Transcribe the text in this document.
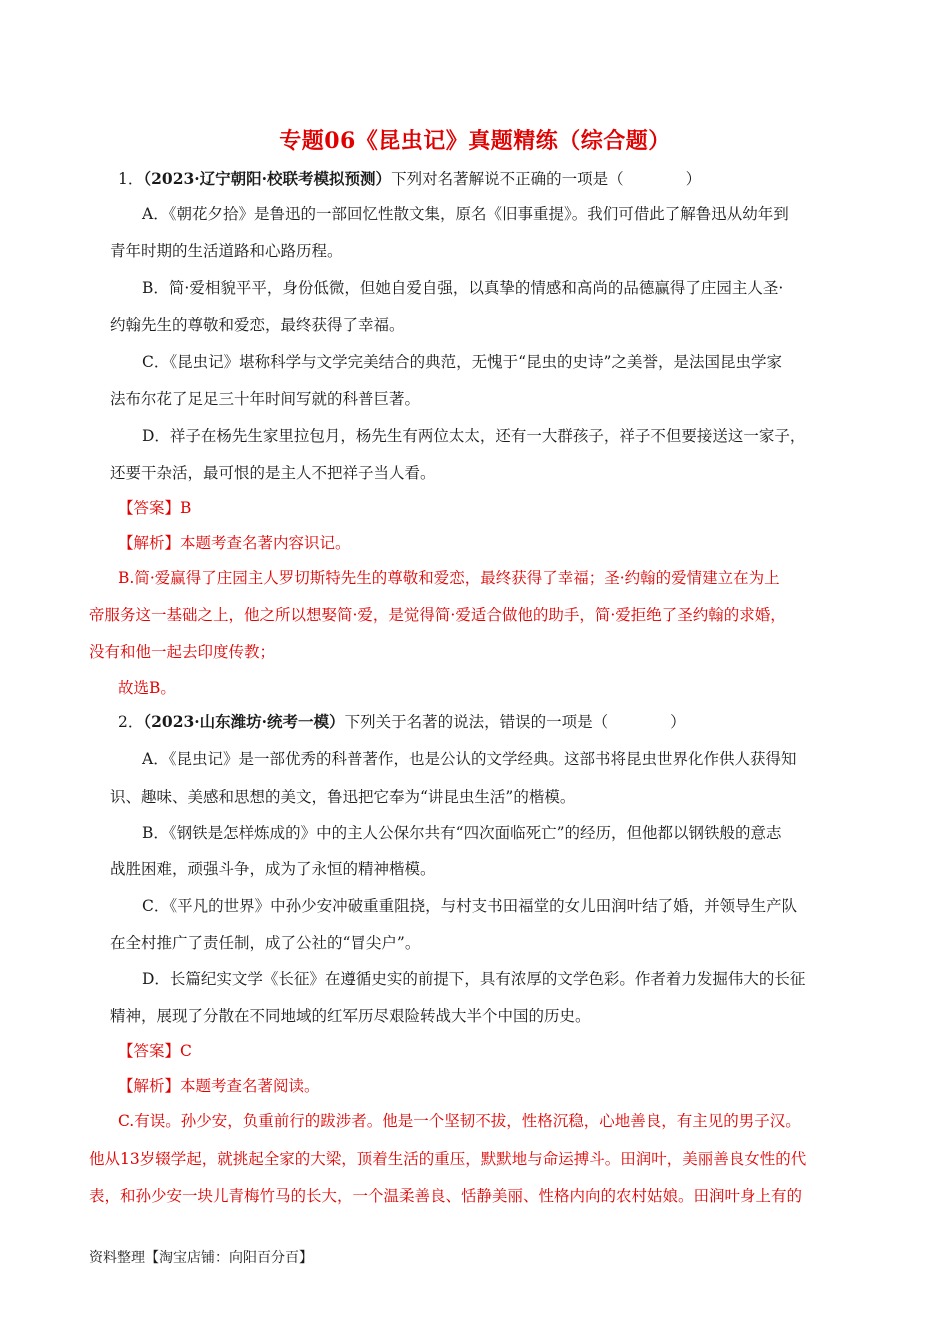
专题06《昆虫记》真题精练（综合题）
1．（2023·辽宁朝阳·校联考模拟预测）下列对名著解说不正确的一项是（　　　　）
A．《朝花夕拾》是鲁迅的一部回忆性散文集，原名《旧事重提》。我们可借此了解鲁迅从幼年到
青年时期的生活道路和心路历程。
B．简·爱相貌平平，身份低微，但她自爱自强，以真挚的情感和高尚的品德赢得了庄园主人圣·
约翰先生的尊敬和爱恋，最终获得了幸福。
C．《昆虫记》堪称科学与文学完美结合的典范，无愧于“昆虫的史诗”之美誉，是法国昆虫学家
法布尔花了足足三十年时间写就的科普巨著。
D．祥子在杨先生家里拉包月，杨先生有两位太太，还有一大群孩子，祥子不但要接送这一家子，
还要干杂活，最可恨的是主人不把祥子当人看。
【答案】B
【解析】本题考查名著内容识记。
B.简·爱赢得了庄园主人罗切斯特先生的尊敬和爱恋，最终获得了幸福；圣·约翰的爱情建立在为上
帝服务这一基础之上，他之所以想娶简·爱，是觉得简·爱适合做他的助手，简·爱拒绝了圣约翰的求婚，
没有和他一起去印度传教；
故选B。
2．（2023·山东潍坊·统考一模）下列关于名著的说法，错误的一项是（　　　　）
A．《昆虫记》是一部优秀的科普著作，也是公认的文学经典。这部书将昆虫世界化作供人获得知
识、趣味、美感和思想的美文，鲁迅把它奉为“讲昆虫生活”的楷模。
B．《钢铁是怎样炼成的》中的主人公保尔共有“四次面临死亡”的经历，但他都以钢铁般的意志
战胜困难，顽强斗争，成为了永恒的精神楷模。
C．《平凡的世界》中孙少安冲破重重阻挠，与村支书田福堂的女儿田润叶结了婚，并领导生产队
在全村推广了责任制，成了公社的“冒尖户”。
D．长篇纪实文学《长征》在遵循史实的前提下，具有浓厚的文学色彩。作者着力发掘伟大的长征
精神，展现了分散在不同地域的红军历尽艰险转战大半个中国的历史。
【答案】C
【解析】本题考查名著阅读。
C.有误。孙少安，负重前行的跋涉者。他是一个坚韧不拔，性格沉稳，心地善良，有主见的男子汉。
他从13岁辍学起，就挑起全家的大梁，顶着生活的重压，默默地与命运搏斗。田润叶，美丽善良女性的代
表，和孙少安一块儿青梅竹马的长大，一个温柔善良、恬静美丽、性格内向的农村姑娘。田润叶身上有的
资料整理【淘宝店铺：向阳百分百】
